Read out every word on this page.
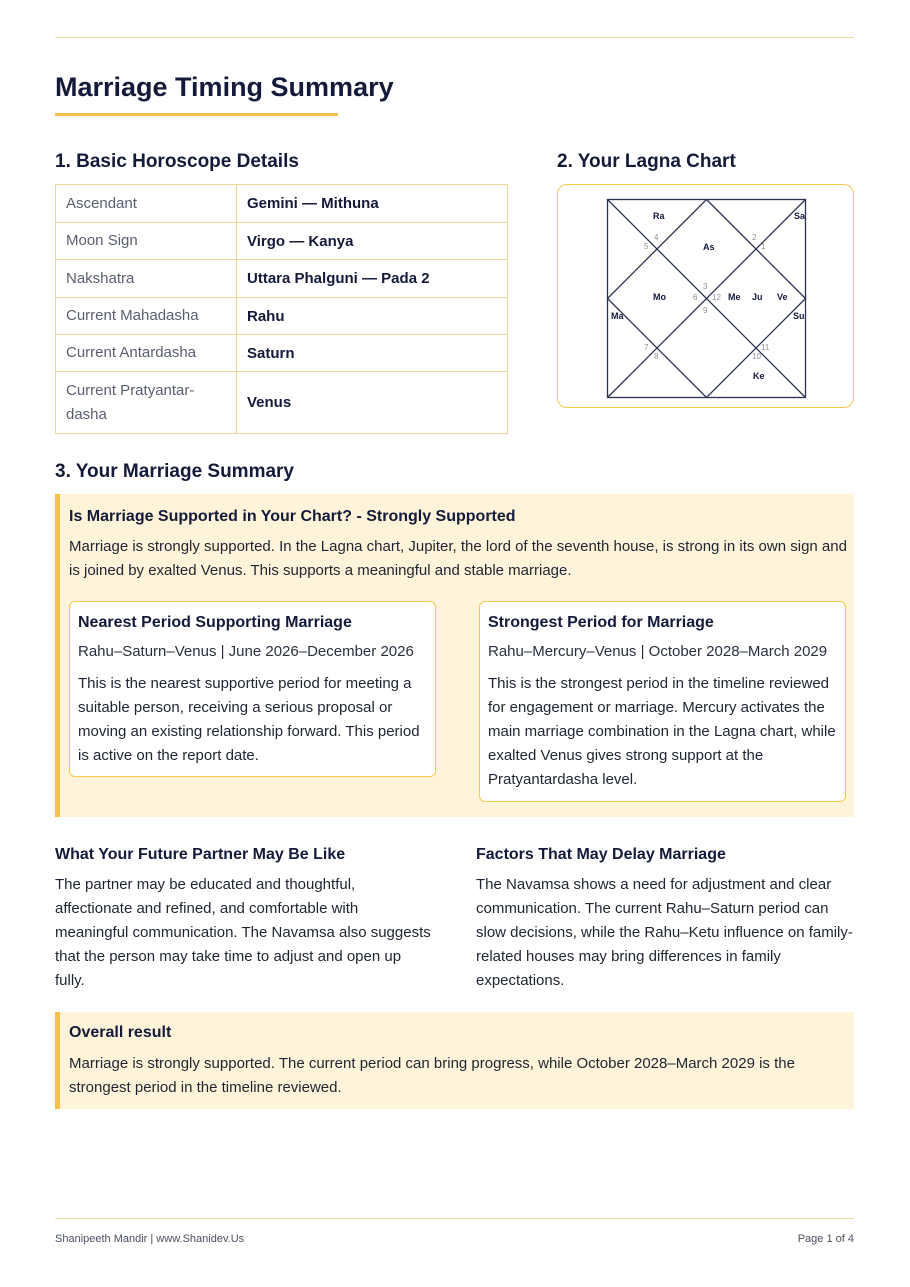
Marriage Timing Summary
1. Basic Horoscope Details
Ascendant	Gemini — Mithuna
Moon Sign	Virgo — Kanya
Nakshatra	Uttara Phalguni — Pada 2
Current Mahadasha	Rahu
Current Antardasha	Saturn
Current Pratyantar-dasha	Venus
2. Your Lagna Chart
4
5
2
1
3
12
6
9
7
8
11
10
Ra	Sa
As
Mo	Me Ju Ve
Ma	Su
Ke
3. Your Marriage Summary
Is Marriage Supported in Your Chart? - Strongly Supported
Marriage is strongly supported. In the Lagna chart, Jupiter, the lord of the seventh house, is strong in its own sign and is joined by exalted Venus. This supports a meaningful and stable marriage.
Nearest Period Supporting Marriage
Rahu–Saturn–Venus | June 2026–December 2026
This is the nearest supportive period for meeting a suitable person, receiving a serious proposal or moving an existing relationship forward. This period is active on the report date.
Strongest Period for Marriage
Rahu–Mercury–Venus | October 2028–March 2029
This is the strongest period in the timeline reviewed for engagement or marriage. Mercury activates the main marriage combination in the Lagna chart, while exalted Venus gives strong support at the Pratyantardasha level.
What Your Future Partner May Be Like
The partner may be educated and thoughtful, affectionate and refined, and comfortable with meaningful communication. The Navamsa also suggests that the person may take time to adjust and open up fully.
Factors That May Delay Marriage
The Navamsa shows a need for adjustment and clear communication. The current Rahu–Saturn period can slow decisions, while the Rahu–Ketu influence on family-related houses may bring differences in family expectations.
Overall result
Marriage is strongly supported. The current period can bring progress, while October 2028–March 2029 is the strongest period in the timeline reviewed.
Shanipeeth Mandir | www.Shanidev.Us	Page 1 of 4
